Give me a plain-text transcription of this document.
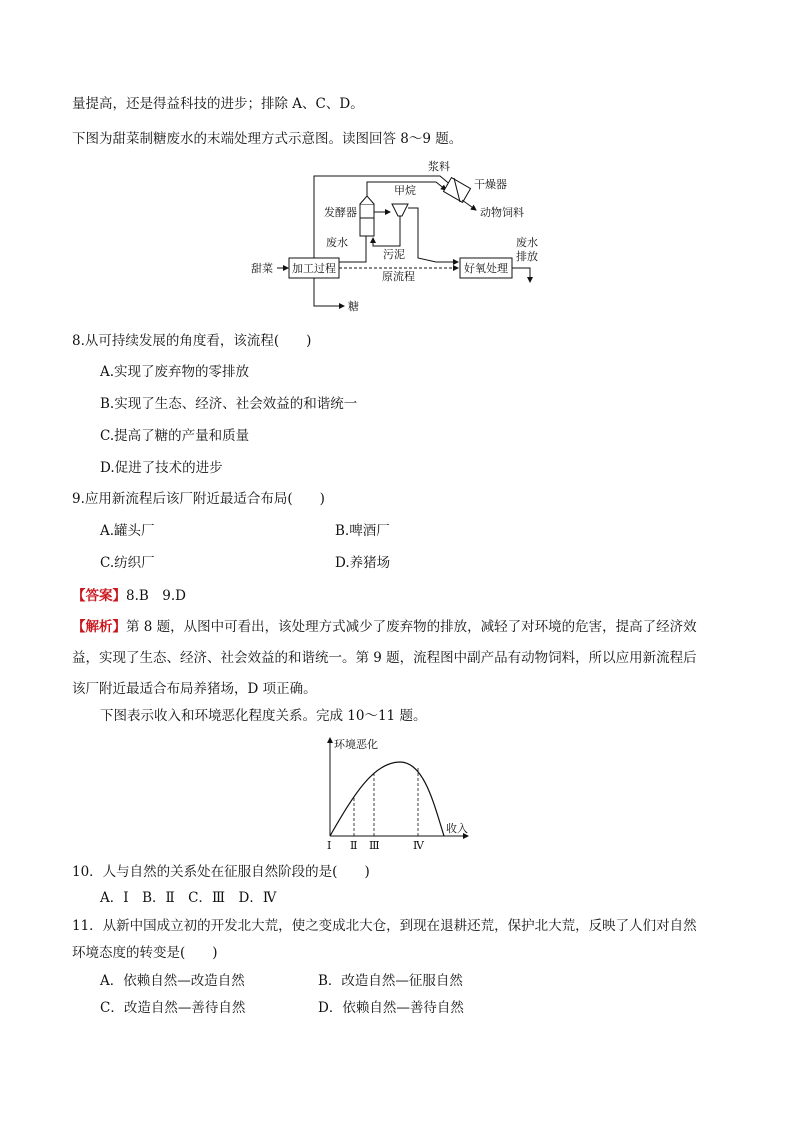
量提高，还是得益科技的进步；排除 A、C、D。
下图为甜菜制糖废水的末端处理方式示意图。读图回答 8～9 题。
甜菜 加工过程
糖
浆料
废水
发酵器
甲烷
污泥
干燥器
动物饲料
原流程
好氧处理
废水
排放
8.从可持续发展的角度看，该流程(　　)
A.实现了废弃物的零排放
B.实现了生态、经济、社会效益的和谐统一
C.提高了糖的产量和质量
D.促进了技术的进步
9.应用新流程后该厂附近最适合布局(　　)
A.罐头厂	B.啤酒厂
C.纺织厂	D.养猪场
【答案】8.B　9.D
【解析】第 8 题，从图中可看出，该处理方式减少了废弃物的排放，减轻了对环境的危害，提高了经济效
益，实现了生态、经济、社会效益的和谐统一。第 9 题，流程图中副产品有动物饲料，所以应用新流程后
该厂附近最适合布局养猪场，D 项正确。
下图表示收入和环境恶化程度关系。完成 10～11 题。
环境恶化
收入
Ⅰ Ⅱ Ⅲ	Ⅳ
10．人与自然的关系处在征服自然阶段的是(　　)
A．Ⅰ　B．Ⅱ　C．Ⅲ　D．Ⅳ
11．从新中国成立初的开发北大荒，使之变成北大仓，到现在退耕还荒，保护北大荒，反映了人们对自然
环境态度的转变是(　　)
A．依赖自然—改造自然	B．改造自然—征服自然
C．改造自然—善待自然	D．依赖自然—善待自然
